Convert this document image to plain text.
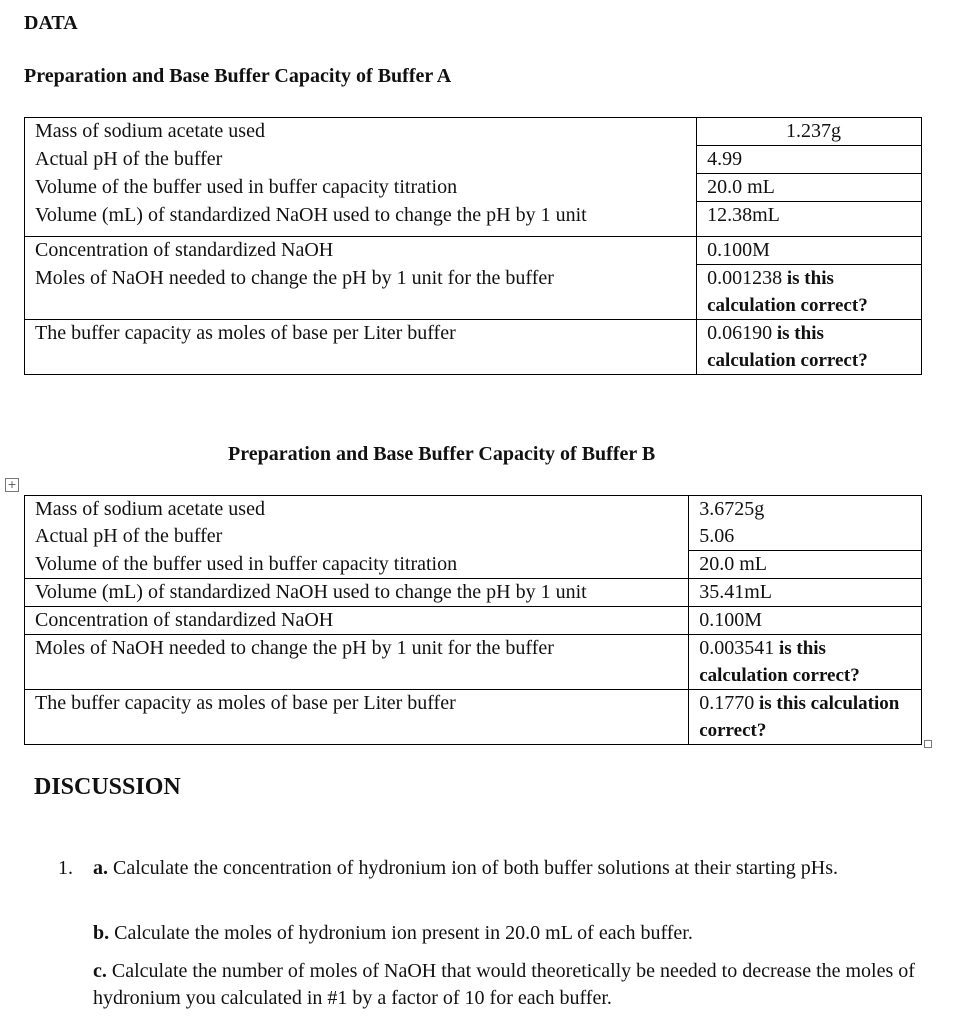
DATA
Preparation and Base Buffer Capacity of Buffer A
Mass of sodium acetate used	1.237g
Actual pH of the buffer	4.99
Volume of the buffer used in buffer capacity titration	20.0 mL
Volume (mL) of standardized NaOH used to change the pH by 1 unit	12.38mL
Concentration of standardized NaOH	0.100M
Moles of NaOH needed to change the pH by 1 unit for the buffer	0.001238 is this calculation correct?
The buffer capacity as moles of base per Liter buffer	0.06190 is this calculation correct?
Preparation and Base Buffer Capacity of Buffer B
+
Mass of sodium acetate used	3.6725g
Actual pH of the buffer	5.06
Volume of the buffer used in buffer capacity titration	20.0 mL
Volume (mL) of standardized NaOH used to change the pH by 1 unit	35.41mL
Concentration of standardized NaOH	0.100M
Moles of NaOH needed to change the pH by 1 unit for the buffer	0.003541 is this calculation correct?
The buffer capacity as moles of base per Liter buffer	0.1770 is this calculation correct?
DISCUSSION
1. a. Calculate the concentration of hydronium ion of both buffer solutions at their starting pHs.
b. Calculate the moles of hydronium ion present in 20.0 mL of each buffer.
c. Calculate the number of moles of NaOH that would theoretically be needed to decrease the moles of hydronium you calculated in #1 by a factor of 10 for each buffer.
